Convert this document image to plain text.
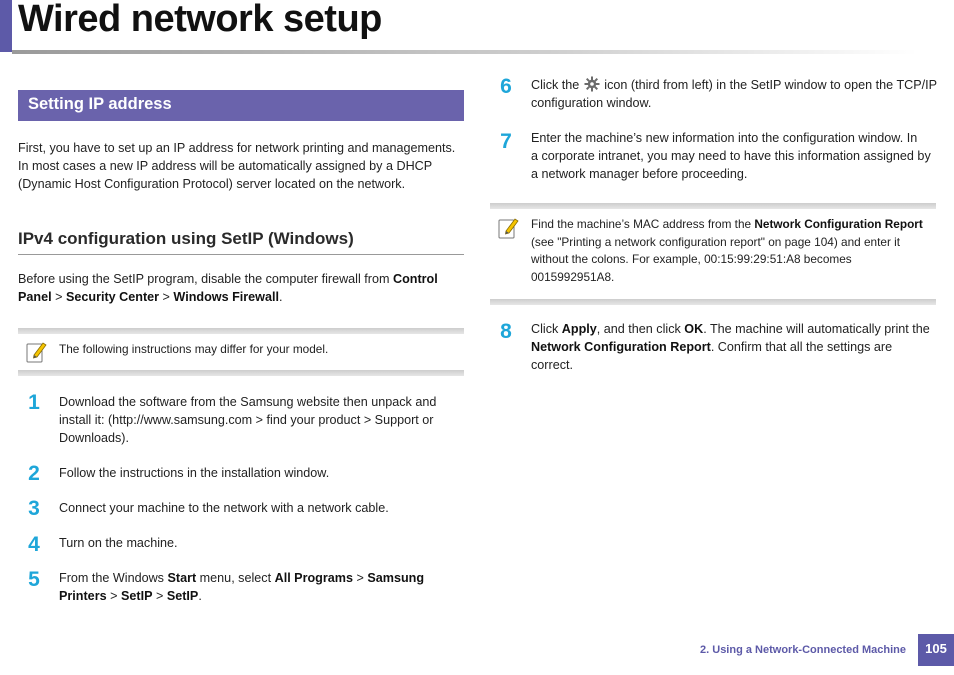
Wired network setup
Setting IP address
First, you have to set up an IP address for network printing and managements.
In most cases a new IP address will be automatically assigned by a DHCP
(Dynamic Host Configuration Protocol) server located on the network.
IPv4 configuration using SetIP (Windows)
Before using the SetIP program, disable the computer firewall from Control
Panel > Security Center > Windows Firewall.
The following instructions may differ for your model.
1	Download the software from the Samsung website then unpack and
install it: (http://www.samsung.com > find your product > Support or
Downloads).
2	Follow the instructions in the installation window.
3	Connect your machine to the network with a network cable.
4	Turn on the machine.
5	From the Windows Start menu, select All Programs > Samsung
Printers > SetIP > SetIP.
6	Click the  icon (third from left) in the SetIP window to open the TCP/IP
configuration window.
7	Enter the machine’s new information into the configuration window. In
a corporate intranet, you may need to have this information assigned by
a network manager before proceeding.
Find the machine’s MAC address from the Network Configuration Report
(see "Printing a network configuration report" on page 104) and enter it
without the colons. For example, 00:15:99:29:51:A8 becomes
0015992951A8.
8	Click Apply, and then click OK. The machine will automatically print the
Network Configuration Report. Confirm that all the settings are
correct.
2. Using a Network-Connected Machine	105
